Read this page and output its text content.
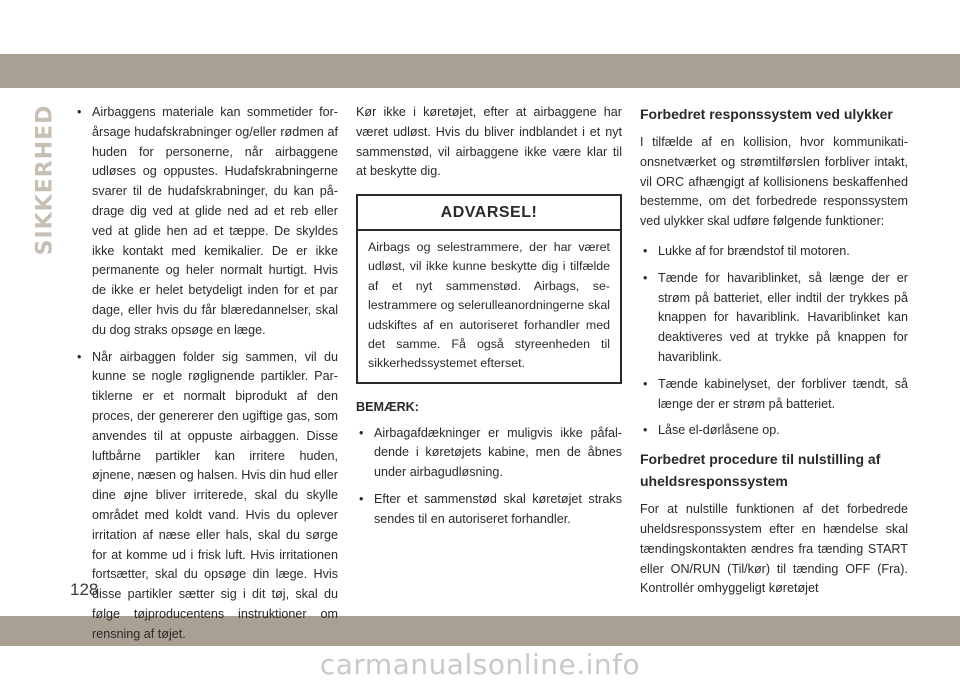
SIKKERHED
•	Airbaggens materiale kan sommetider forårsage hudafskrabninger og/eller rødmen af huden for personerne, når airbaggene udløses og oppustes. Hudafskrabningerne svarer til de hudafskrabninger, du kan pådrage dig ved at glide ned ad et reb eller ved at glide hen ad et tæppe. De skyldes ikke kontakt med kemikalier. De er ikke permanente og heler normalt hurtigt. Hvis de ikke er helet betydeligt inden for et par dage, eller hvis du får blæredannelser, skal du dog straks opsøge en læge.
• Når airbaggen folder sig sammen, vil du kunne se nogle røglignende partikler. Partiklerne er et normalt biprodukt af den proces, der genererer den ugiftige gas, som anvendes til at oppuste airbaggen. Disse luftbårne partikler kan irritere huden, øjnene, næsen og halsen. Hvis din hud eller dine øjne bliver irriterede, skal du skylle området med koldt vand. Hvis du oplever irritation af næse eller hals, skal du sørge for at komme ud i frisk luft. Hvis irritationen fortsætter, skal du opsøge din læge. Hvis disse partikler sætter sig i dit tøj, skal du følge tøjproducentens instruktioner om rensning af tøjet.

Kør ikke i køretøjet, efter at airbaggene har været udløst. Hvis du bliver indblandet i et nyt sammenstød, vil airbaggene ikke være klar til at beskytte dig.

ADVARSEL!
Airbags og selestrammere, der har været udløst, vil ikke kunne beskytte dig i tilfælde af et nyt sammenstød. Airbags, selestrammere og selerulleanordningerne skal udskiftes af en autoriseret forhandler med det samme. Få også styreenheden til sikkerhedssystemet efterset.
BEMÆRK:
• Airbagafdækninger er muligvis ikke påfaldende i køretøjets kabine, men de åbnes under airbagudløsning.
• Efter et sammenstød skal køretøjet straks sendes til en autoriseret forhandler.
Forbedret responssystem ved ulykker

I tilfælde af en kollision, hvor kommunikationsnetværket og strømtilførslen forbliver intakt, vil ORC afhængigt af kollisionens beskaffenhed bestemme, om det forbedrede responssystem ved ulykker skal udføre følgende funktioner:

• Lukke af for brændstof til motoren.
• Tænde for havariblinket, så længe der er strøm på batteriet, eller indtil der trykkes på knappen for havariblink. Havariblinket kan deaktiveres ved at trykke på knappen for havariblink.
• Tænde kabinelyset, der forbliver tændt, så længe der er strøm på batteriet.
• Låse el-dørlåsene op.
Forbedret procedure til nulstilling af uheldsresponssystem

For at nulstille funktionen af det forbedrede uheldsresponssystem efter en hændelse skal tændingskontakten ændres fra tænding START eller ON/RUN (Til/kør) til tænding OFF (Fra). Kontrollér omhyggeligt køretøjet

128
carmanualsonline.info
